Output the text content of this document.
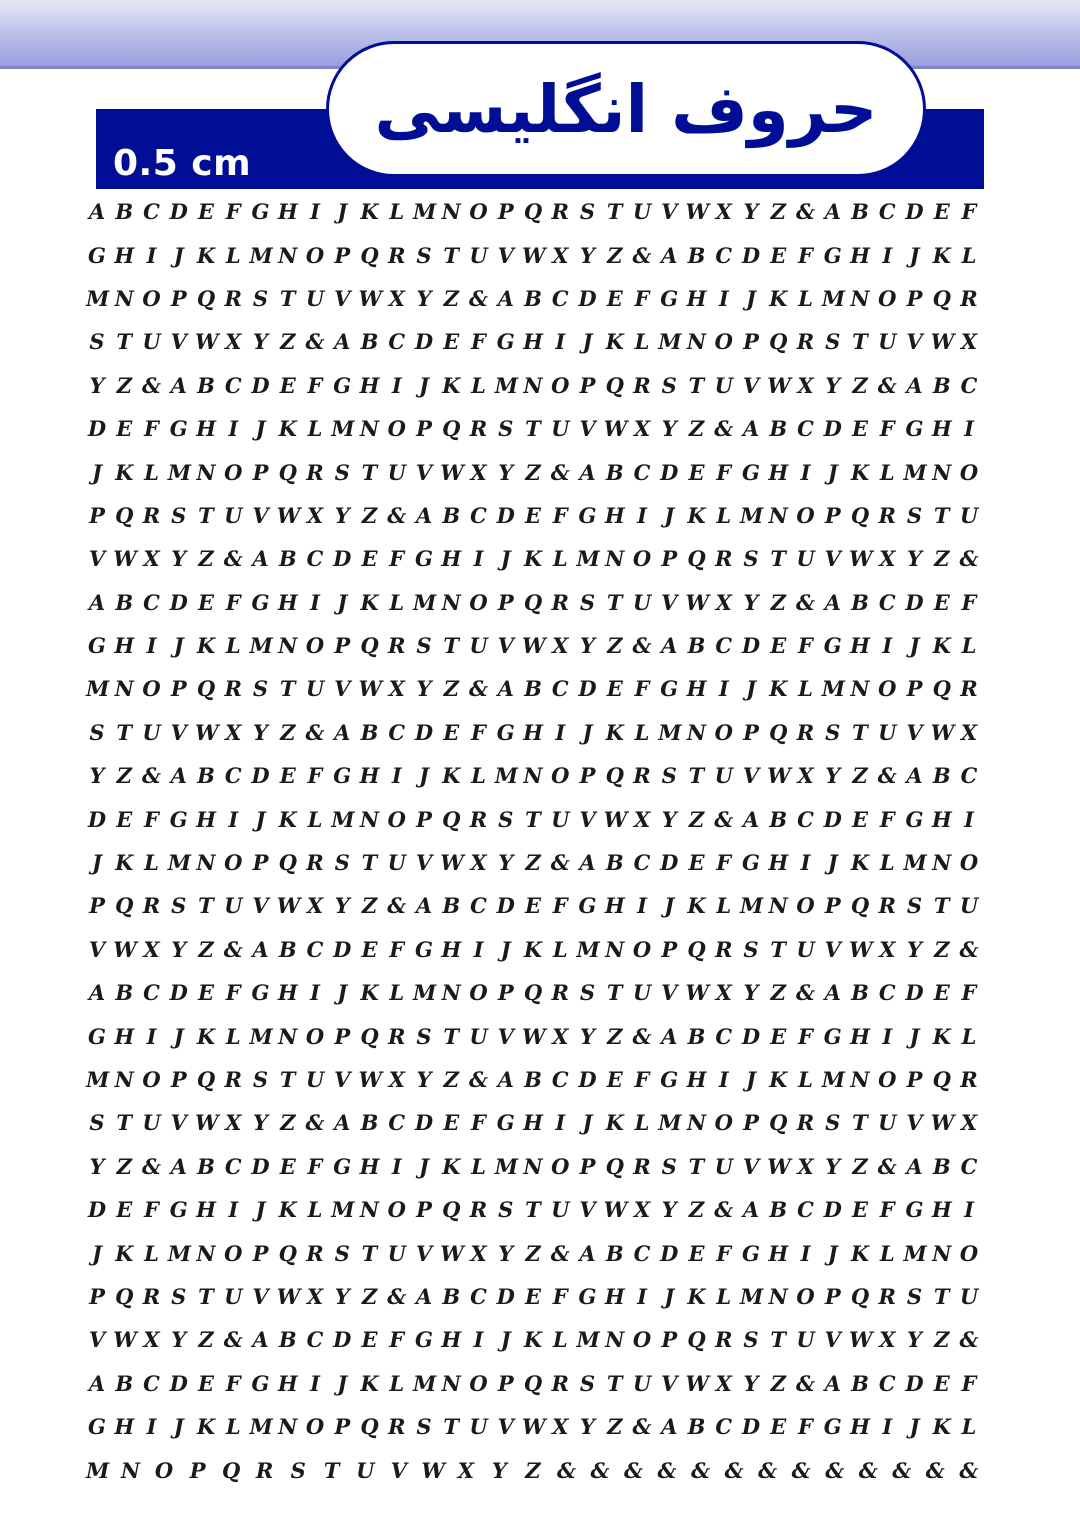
0.5 cm
حروف انگلیسی
A B C D E F G H I J K L M N O P Q R S T U V W X Y Z & A B C D E F
G H I J K L M N O P Q R S T U V W X Y Z & A B C D E F G H I J K L
M N O P Q R S T U V W X Y Z & A B C D E F G H I J K L M N O P Q R
S T U V W X Y Z & A B C D E F G H I J K L M N O P Q R S T U V W X
Y Z & A B C D E F G H I J K L M N O P Q R S T U V W X Y Z & A B C
D E F G H I J K L M N O P Q R S T U V W X Y Z & A B C D E F G H I
J K L M N O P Q R S T U V W X Y Z & A B C D E F G H I J K L M N O
P Q R S T U V W X Y Z & A B C D E F G H I J K L M N O P Q R S T U
V W X Y Z & A B C D E F G H I J K L M N O P Q R S T U V W X Y Z &
A B C D E F G H I J K L M N O P Q R S T U V W X Y Z & A B C D E F
G H I J K L M N O P Q R S T U V W X Y Z & A B C D E F G H I J K L
M N O P Q R S T U V W X Y Z & A B C D E F G H I J K L M N O P Q R
S T U V W X Y Z & A B C D E F G H I J K L M N O P Q R S T U V W X
Y Z & A B C D E F G H I J K L M N O P Q R S T U V W X Y Z & A B C
D E F G H I J K L M N O P Q R S T U V W X Y Z & A B C D E F G H I
J K L M N O P Q R S T U V W X Y Z & A B C D E F G H I J K L M N O
P Q R S T U V W X Y Z & A B C D E F G H I J K L M N O P Q R S T U
V W X Y Z & A B C D E F G H I J K L M N O P Q R S T U V W X Y Z &
A B C D E F G H I J K L M N O P Q R S T U V W X Y Z & A B C D E F
G H I J K L M N O P Q R S T U V W X Y Z & A B C D E F G H I J K L
M N O P Q R S T U V W X Y Z & A B C D E F G H I J K L M N O P Q R
S T U V W X Y Z & A B C D E F G H I J K L M N O P Q R S T U V W X
Y Z & A B C D E F G H I J K L M N O P Q R S T U V W X Y Z & A B C
D E F G H I J K L M N O P Q R S T U V W X Y Z & A B C D E F G H I
J K L M N O P Q R S T U V W X Y Z & A B C D E F G H I J K L M N O
P Q R S T U V W X Y Z & A B C D E F G H I J K L M N O P Q R S T U
V W X Y Z & A B C D E F G H I J K L M N O P Q R S T U V W X Y Z &
A B C D E F G H I J K L M N O P Q R S T U V W X Y Z & A B C D E F
G H I J K L M N O P Q R S T U V W X Y Z & A B C D E F G H I J K L
M N O P Q R S T U V W X Y Z & & & & & & & & & & & & &
